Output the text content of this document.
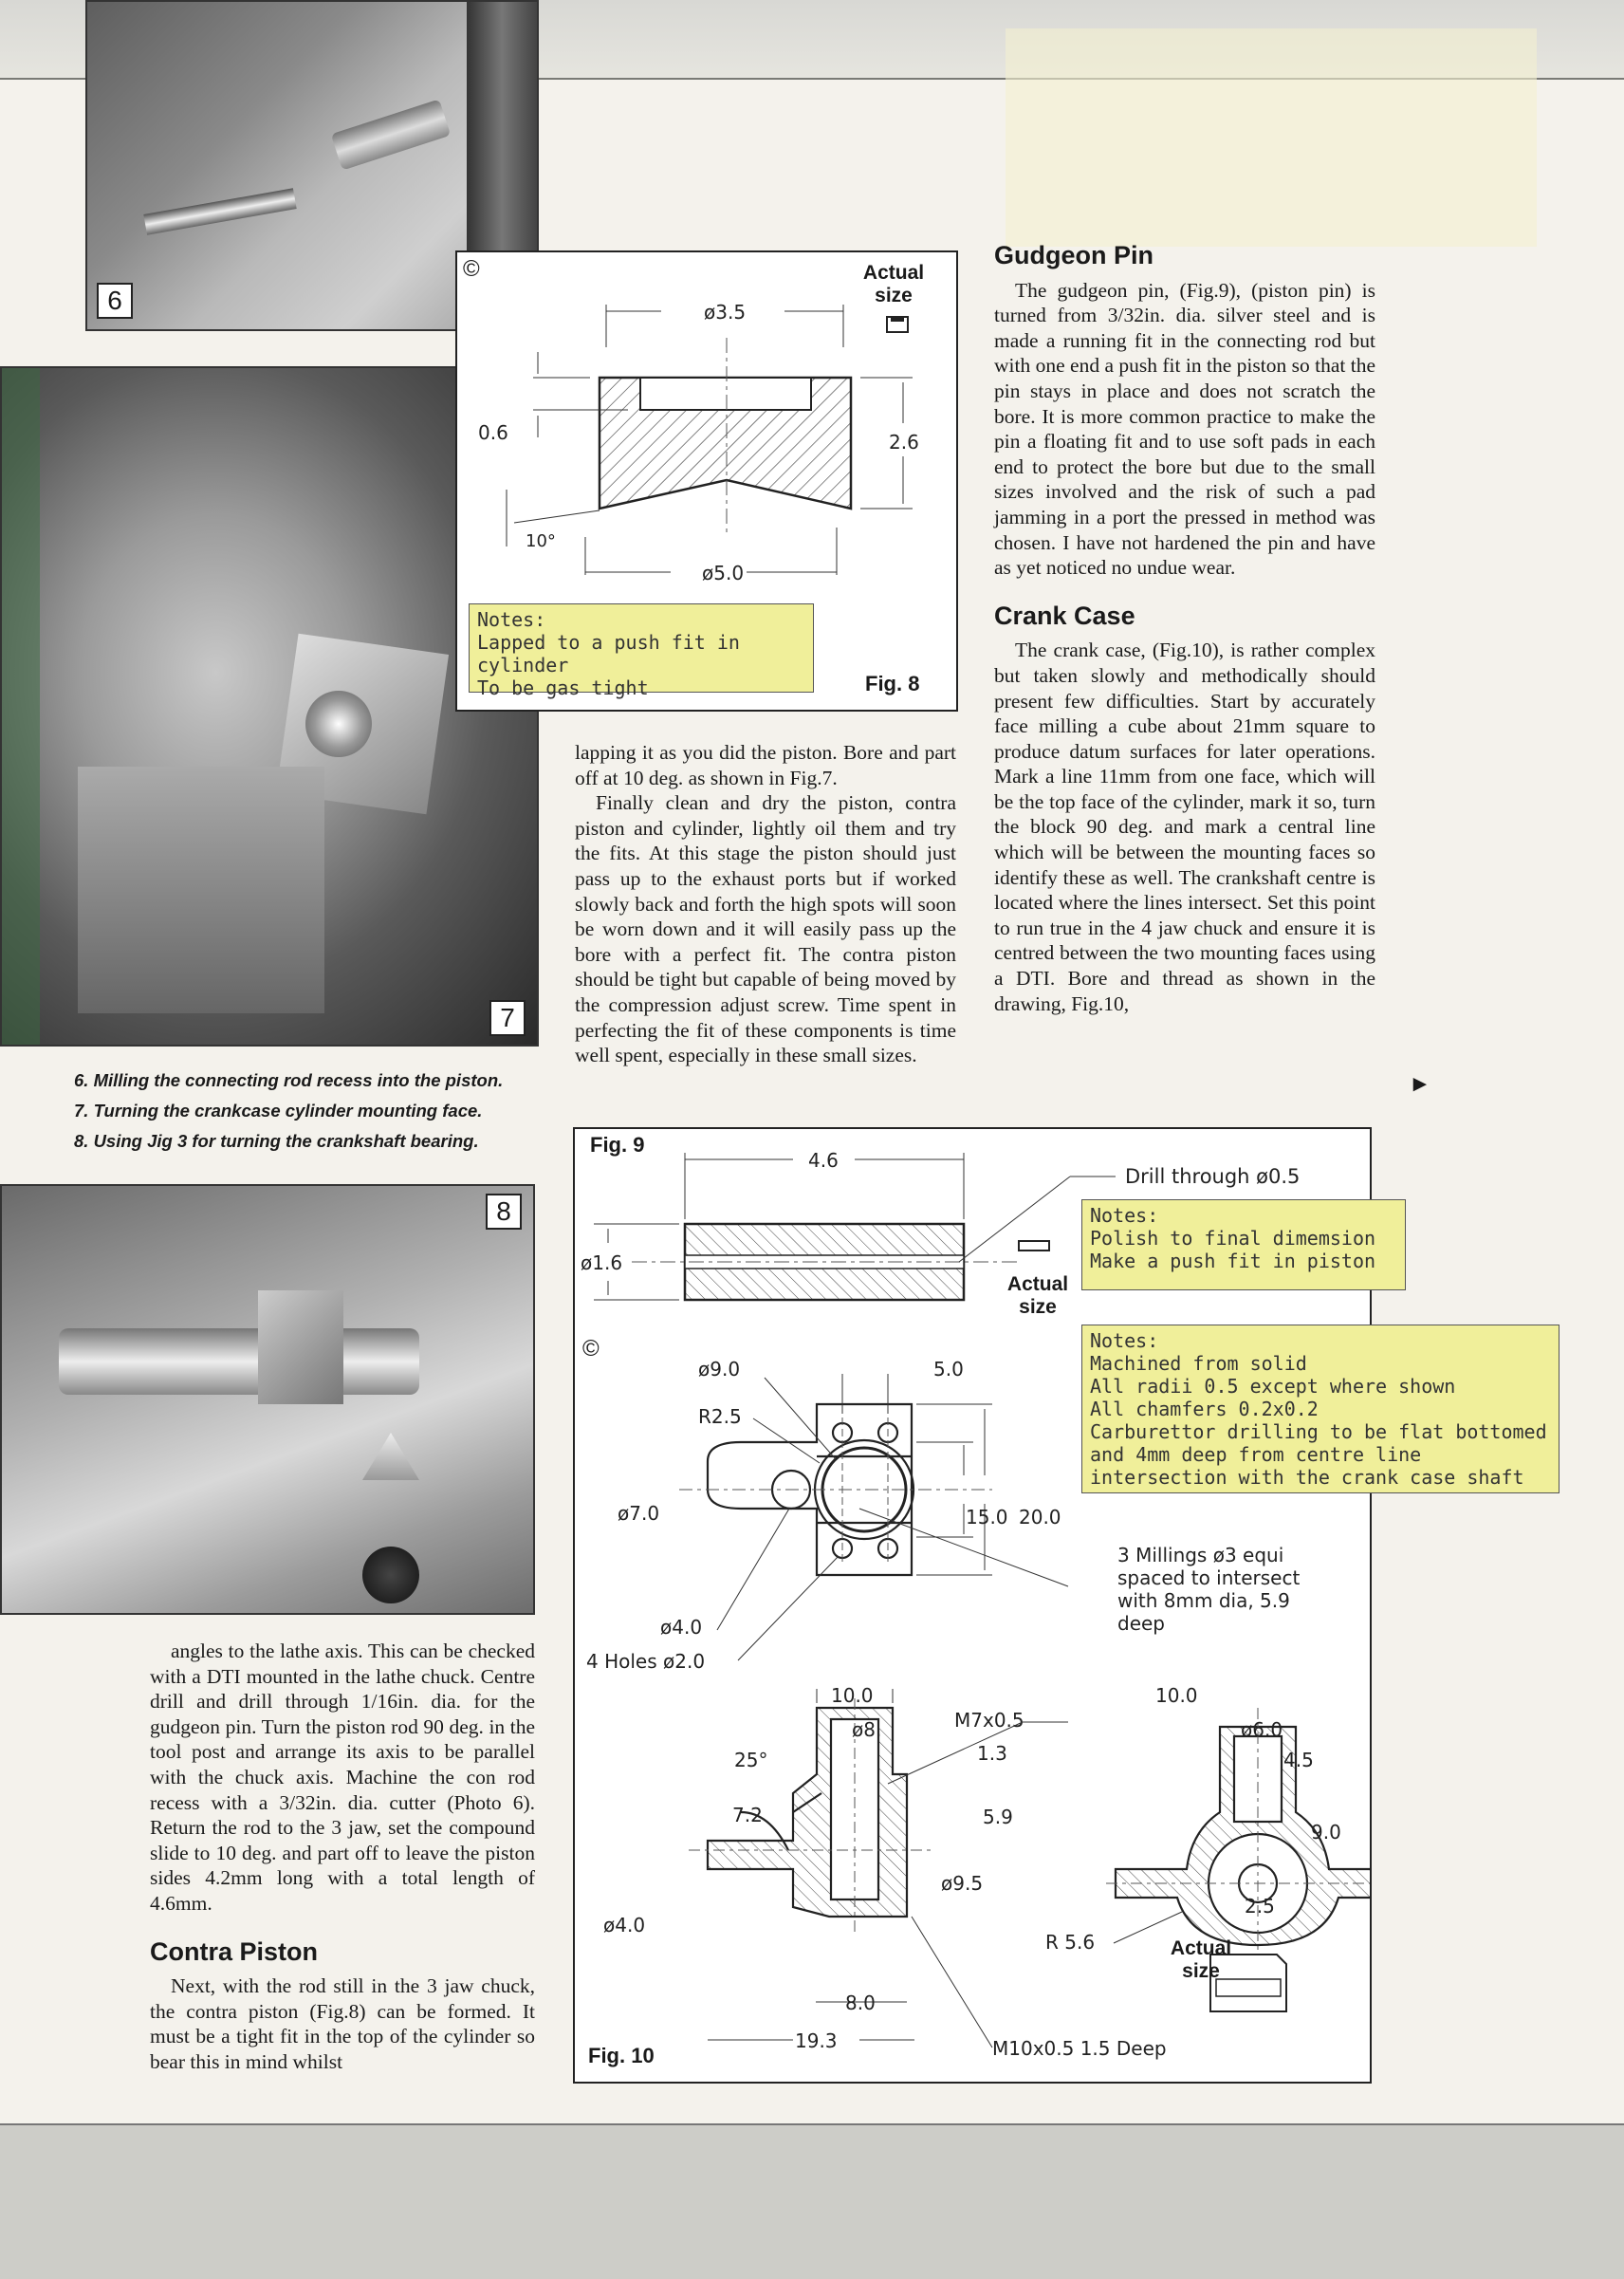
6
7
6. Milling the connecting rod recess into the piston.
7. Turning the crankcase cylinder mounting face.
8. Using Jig 3 for turning the crankshaft bearing.
8
ø3.5
ø5.0
0.6	2.6
10°
©	Actual size
Notes:
Lapped to a push fit in cylinder
To be gas tight	Fig. 8

lapping it as you did the piston. Bore and part off at 10 deg. as shown in Fig.7.

Finally clean and dry the piston, contra piston and cylinder, lightly oil them and try the fits. At this stage the piston should just pass up to the exhaust ports but if worked slowly back and forth the high spots will soon be worn down and it will easily pass up the bore with a perfect fit. The contra piston should be tight but capable of being moved by the compression adjust screw. Time spent in perfecting the fit of these components is time well spent, especially in these small sizes.

Gudgeon Pin

The gudgeon pin, (Fig.9), (piston pin) is turned from 3/32in. dia. silver steel and is made a running fit in the connecting rod but with one end a push fit in the piston so that the pin stays in place and does not scratch the bore. It is more common practice to make the pin a floating fit and to use soft pads in each end to protect the bore but due to the small sizes involved and the risk of such a pad jamming in a port the pressed in method was chosen. I have not hardened the pin and have as yet noticed no undue wear.

Crank Case

The crank case, (Fig.10), is rather complex but taken slowly and methodically should present few difficulties. Start by accurately face milling a cube about 21mm square to produce datum surfaces for later operations. Mark a line 11mm from one face, which will be the top face of the cylinder, mark it so, turn the block 90 deg. and mark a central line which will be between the mounting faces so identify these as well. The crankshaft centre is located where the lines intersect. Set this point to run true in the 4 jaw chuck and ensure it is centred between the two mounting faces using a DTI. Bore and thread as shown in the drawing, Fig.10,

►

angles to the lathe axis. This can be checked with a DTI mounted in the lathe chuck. Centre drill and drill through 1/16in. dia. for the gudgeon pin. Turn the piston rod 90 deg. in the tool post and arrange its axis to be parallel with the chuck axis. Machine the con rod recess with a 3/32in. dia. cutter (Photo 6). Return the rod to the 3 jaw, set the compound slide to 10 deg. and part off to leave the piston sides 4.2mm long with a total length of 4.6mm.

Contra Piston

Next, with the rod still in the 3 jaw chuck, the contra piston (Fig.8) can be formed. It must be a tight fit in the top of the cylinder so bear this in mind whilst

4.6
ø1.6
Drill through ø0.5
ø9.0	5.0
R2.5
ø7.0	15.0 20.0
ø4.0
4 Holes ø2.0
3 Millings ø3 equi
spaced to intersect
with 8mm dia, 5.9
deep
10.0
ø8.	M7x0.5
1.3
25°
7.2	5.9
ø9.5
ø4.0
8.0
19.3	M10x0.5 1.5 Deep
10.0
ø6.0
4.5
9.0
2.5
R 5.6
Fig. 9
Actual size
Notes:
Polish to final dimemsion
Make a push fit in piston
©	Notes:
Machined from solid
All radii 0.5 except where shown
All chamfers 0.2x0.2
Carburettor drilling to be flat bottomed
and 4mm deep from centre line
intersection with the crank case shaft
Actual size
Fig. 10
